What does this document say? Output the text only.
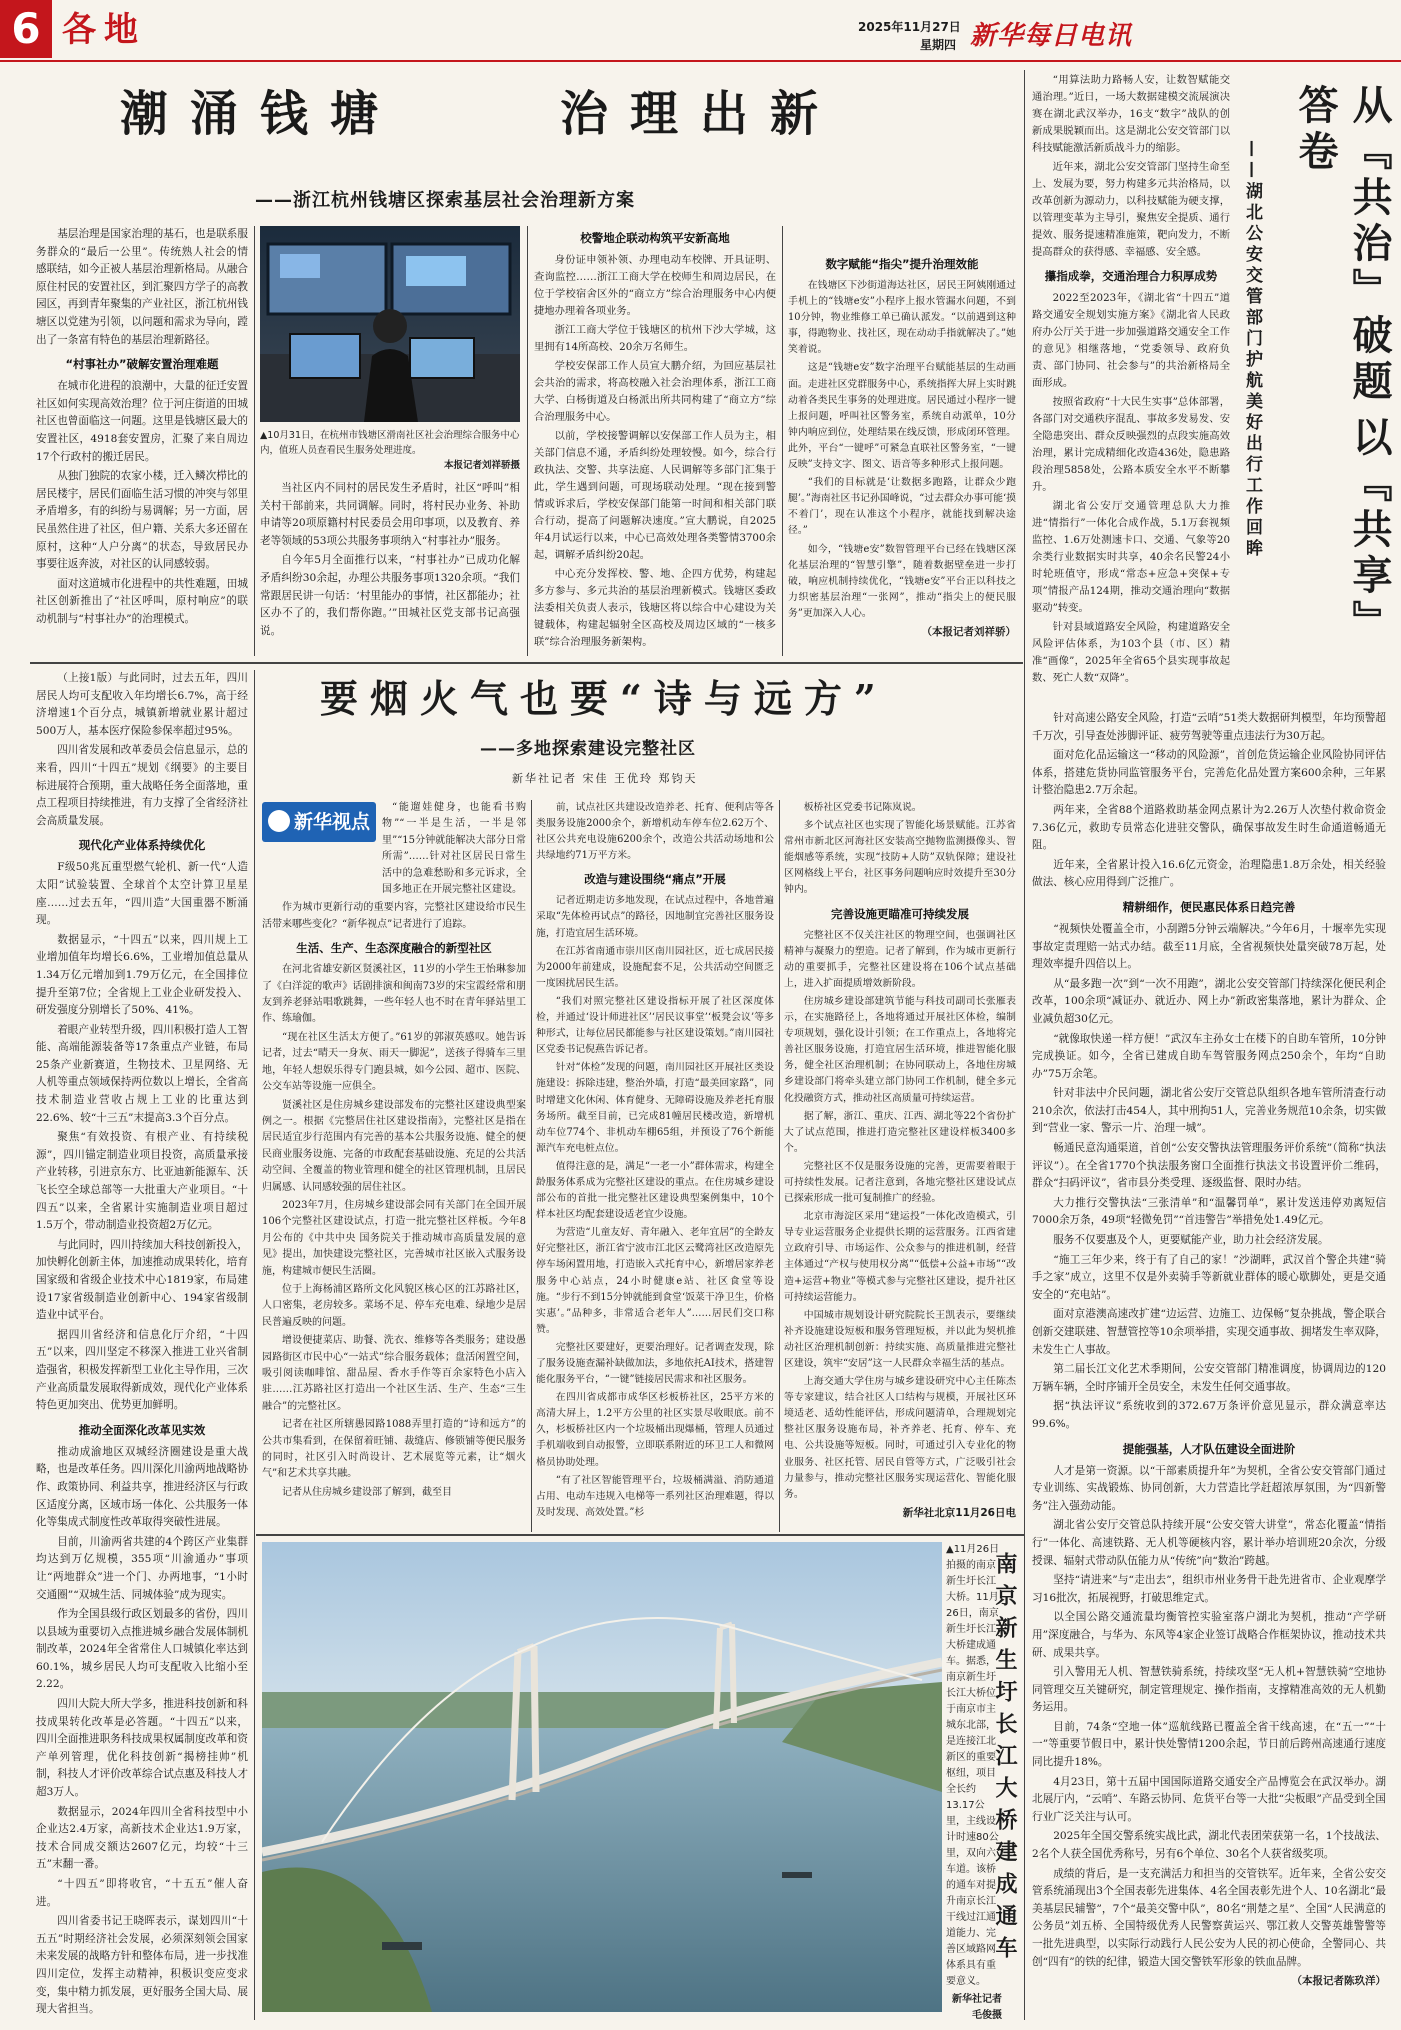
6 各地	2025年11月27日
星期四 新华每日电讯
潮涌钱塘	治理出新
——浙江杭州钱塘区探索基层社会治理新方案

基层治理是国家治理的基石，也是联系服务群众的“最后一公里”。传统熟人社会的情感联结，如今正被人基层治理新格局。从融合原住村民的安置社区，到汇聚四方学子的高教园区，再到青年聚集的产业社区，浙江杭州钱塘区以党建为引领，以问题和需求为导向，蹚出了一条富有特色的基层治理新路径。

“村事社办”破解安置治理难题

在城市化进程的浪潮中，大量的征迁安置社区如何实现高效治理？位于河庄街道的田城社区也曾面临这一问题。这里是钱塘区最大的安置社区，4918套安置房，汇聚了来自周边17个行政村的搬迁居民。

从独门独院的农家小楼，迁入鳞次栉比的居民楼宇，居民们面临生活习惯的冲突与邻里矛盾增多，有的纠纷与易调解；另一方面，居民虽然住进了社区，但户籍、关系大多还留在原村，这种“人户分离”的状态，导致居民办事要往返奔波，对社区的认同感较弱。

面对这道城市化进程中的共性难题，田城社区创新推出了“社区呼叫，原村响应”的联动机制与“村事社办”的治理模式。

▲10月31日，在杭州市钱塘区滑南社区社会治理综合服务中心内，值班人员查看民生服务处理进度。
本报记者刘祥骄摄

当社区内不同村的居民发生矛盾时，社区“呼叫”相关村干部前来，共同调解。同时，将村民办业务、补助申请等20项原籍村村民委员会用印事项，以及教育、养老等领域的53项公共服务事项纳入“村事社办”服务。

自今年5月全面推行以来，“村事社办”已成功化解矛盾纠纷30余起，办理公共服务事项1320余项。“我们常跟居民讲一句话：‘村里能办的事情，社区都能办；社区办不了的，我们帮你跑。’”田城社区党支部书记高强说。

校警地企联动构筑平安新高地

身份证申领补领、办理电动车校牌、开具证明、查询监控……浙江工商大学在校师生和周边居民，在位于学校宿舍区外的“商立方”综合治理服务中心内便捷地办理着各项业务。

浙江工商大学位于钱塘区的杭州下沙大学城，这里拥有14所高校、20余万名师生。

学校安保部工作人员宣大鹏介绍，为回应基层社会共治的需求，将高校融入社会治理体系，浙江工商大学、白杨街道及白杨派出所共同构建了“商立方”综合治理服务中心。

以前，学校接警调解以安保部工作人员为主，相关部门信息不通，矛盾纠纷处理较慢。如今，综合行政执法、交警、共享法庭、人民调解等多部门汇集于此，学生遇到问题，可现场联动处理。“现在接到警情或诉求后，学校安保部门能第一时间和相关部门联合行动，提高了问题解决速度。”宣大鹏说，自2025年4月试运行以来，中心已高效处理各类警情3700余起，调解矛盾纠纷20起。

中心充分发挥校、警、地、企四方优势，构建起多方参与、多元共治的基层治理新模式。钱塘区委政法委相关负责人表示，钱塘区将以综合中心建设为关键载体，构建起辐射全区高校及周边区域的“一核多联”综合治理服务新架构。

数字赋能“指尖”提升治理效能

在钱塘区下沙街道海达社区，居民王阿姨刚通过手机上的“钱塘e安”小程序上报水管漏水问题，不到10分钟，物业维修工单已确认派发。“以前遇到这种事，得跑物业、找社区，现在动动手指就解决了。”她笑着说。

这是“钱塘e安”数字治理平台赋能基层的生动画面。走进社区党群服务中心，系统指挥大屏上实时跳动着各类民生事务的处理进度。居民通过小程序一键上报问题，呼叫社区警务室，系统自动派单，10分钟内响应到位，处理结果在线反馈，形成闭环管理。此外，平台“一键呼”可紧急直联社区警务室，“一键反映”支持文字、图文、语音等多种形式上报问题。

“我们的目标就是‘让数据多跑路，让群众少跑腿’。”海南社区书记孙国峰说，“过去群众办事可能‘摸不着门’，现在认准这个小程序，就能找到解决途径。”

如今，“钱塘e安”数智管理平台已经在钱塘区深化基层治理的“智慧引擎”，随着数据壁垒进一步打破，响应机制持续优化，“钱塘e安”平台正以科技之力织密基层治理“一张网”，推动“指尖上的便民服务”更加深入人心。

（本报记者刘祥骄）

（上接1版）与此同时，过去五年，四川居民人均可支配收入年均增长6.7%，高于经济增速1个百分点，城镇新增就业累计超过500万人，基本医疗保险参保率超过95%。

四川省发展和改革委员会信息显示，总的来看，四川“十四五”规划《纲要》的主要目标进展符合预期，重大战略任务全面落地，重点工程项目持续推进，有力支撑了全省经济社会高质量发展。

现代化产业体系持续优化

F级50兆瓦重型燃气轮机、新一代“人造太阳”试验装置、全球首个太空计算卫星星座……过去五年，“四川造”大国重器不断涌现。

数据显示，“十四五”以来，四川规上工业增加值年均增长6.6%，工业增加值总量从1.34万亿元增加到1.79万亿元，在全国排位提升至第7位；全省规上工业企业研发投入、研发强度分别增长了50%、41%。

着眼产业转型升级，四川积极打造人工智能、高端能源装备等17条重点产业链，布局25条产业新赛道，生物技术、卫星网络、无人机等重点领域保持两位数以上增长，全省高技术制造业营收占规上工业的比重达到22.6%、较“十三五”末提高3.3个百分点。

聚焦“有效投资、有根产业、有持续税源”，四川锚定制造业项目投资，高质量承接产业转移，引进京东方、比亚迪新能源车、沃飞长空全球总部等一大批重大产业项目。“十四五”以来，全省累计实施制造业项目超过1.5万个，带动制造业投资超2万亿元。

与此同时，四川持续加大科技创新投入，加快孵化创新主体，加速推动成果转化，培育国家级和省级企业技术中心1819家，布局建设17家省级制造业创新中心、194家省级制造业中试平台。

据四川省经济和信息化厅介绍，“十四五”以来，四川坚定不移深入推进工业兴省制造强省，积极发挥新型工业化主导作用，三次产业高质量发展取得新成效，现代化产业体系特色更加突出、优势更加鲜明。

推动全面深化改革见实效

推动成渝地区双城经济圈建设是重大战略，也是改革任务。四川深化川渝两地战略协作、政策协同、利益共享，推进经济区与行政区适度分离，区域市场一体化、公共服务一体化等集成式制度性改革取得突破性进展。

目前，川渝两省共建的4个跨区产业集群均达到万亿规模，355项“川渝通办”事项让“两地群众”进一个门、办两地事，“1小时交通圈”“双城生活、同城体验”成为现实。

作为全国县级行政区划最多的省份，四川以县域为重要切入点推进城乡融合发展体制机制改革，2024年全省常住人口城镇化率达到60.1%，城乡居民人均可支配收入比缩小至2.22。

四川大院大所大学多，推进科技创新和科技成果转化改革是必答题。“十四五”以来，四川全面推进职务科技成果权属制度改革和资产单列管理，优化科技创新“揭榜挂帅”机制，科技人才评价改革综合试点惠及科技人才超3万人。

数据显示，2024年四川全省科技型中小企业达2.4万家，高新技术企业达1.9万家，技术合同成交额达2607亿元，均较“十三五”末翻一番。

“十四五”即将收官，“十五五”催人奋进。

四川省委书记王晓晖表示，谋划四川“十五五”时期经济社会发展，必须深刻领会国家未来发展的战略方针和整体布局，进一步找准四川定位，发挥主动精神，积极识变应变求变，集中精力抓发展，更好服务全国大局、展现大省担当。

要烟火气也要“诗与远方”
——多地探索建设完整社区
新华社记者 宋佳 王优玲 郑钧天
新华视点

“能遛娃健身，也能看书购物”“一半是生活，一半是邻里”“15分钟就能解决大部分日常所需”……针对社区居民日常生活中的急难愁盼和多元诉求，全国多地正在开展完整社区建设。

作为城市更新行动的重要内容，完整社区建设给市民生活带来哪些变化？“新华视点”记者进行了追踪。

生活、生产、生态深度融合的新型社区

在河北省雄安新区贤溪社区，11岁的小学生王怡琳参加了《白洋淀的歌声》话剧排演和闽南73岁的宋宝霞经常和朋友到养老驿站唱歌跳舞，一些年轻人也不时在青年驿站里工作、练瑜伽。

“现在社区生活太方便了。”61岁的郭淑英感叹。她告诉记者，过去“晴天一身灰、雨天一脚泥”，送孩子得骑车三里地，年轻人想娱乐得专门跑县城，如今公园、超市、医院、公交车站等设施一应俱全。

贤溪社区是住房城乡建设部发布的完整社区建设典型案例之一。根据《完整居住社区建设指南》，完整社区是指在居民适宜步行范围内有完善的基本公共服务设施、健全的便民商业服务设施、完备的市政配套基础设施、充足的公共活动空间、全覆盖的物业管理和健全的社区管理机制，且居民归属感、认同感较强的居住社区。

2023年7月，住房城乡建设部会同有关部门在全国开展106个完整社区建设试点，打造一批完整社区样板。今年8月公布的《中共中央 国务院关于推动城市高质量发展的意见》提出，加快建设完整社区，完善城市社区嵌入式服务设施，构建城市便民生活圈。

位于上海杨浦区路所文化风貌区核心区的江苏路社区，人口密集，老房较多。菜场不足、停车充电难、绿地少是居民普遍反映的问题。

增设便捷菜店、助餐、洗衣、维修等各类服务；建设愚园路街区市民中心“一站式”综合服务载体；盘活闲置空间，吸引阅读咖啡馆、甜品屋、香水手作等百余家特色小店入驻……江苏路社区打造出一个社区生活、生产、生态“三生融合”的完整社区。

记者在社区所辖愚园路1088弄里打造的“诗和远方”的公共市集看到，在保留着旺铺、裁缝店、修锁铺等便民服务的同时，社区引入时尚设计、艺术展览等元素，让“烟火气”和艺术共享共融。

记者从住房城乡建设部了解到，截至目

前，试点社区共建设改造养老、托育、便利店等各类服务设施2000余个，新增机动车停车位2.62万个、社区公共充电设施6200余个，改造公共活动场地和公共绿地约71万平方米。

改造与建设围绕“痛点”开展

记者近期走访多地发现，在试点过程中，各地普遍采取“先体检再试点”的路径，因地制宜完善社区服务设施，打造宜居生活环境。

在江苏省南通市崇川区南川园社区，近七成居民接为2000年前建成，设施配套不足，公共活动空间匮乏一度困扰居民生活。

“我们对照完整社区建设指标开展了社区深度体检，并通过‘设计师进社区’‘居民议事堂’‘板凳会议’等多种形式，让每位居民都能参与社区建设策划。”南川园社区党委书记倪燕告诉记者。

针对“体检”发现的问题，南川园社区开展社区类设施建设：拆除违建，整治外墙，打造“最美回家路”，同时增建文化休闲、体育健身、无障碍设施及养老托育服务场所。截至目前，已完成81幢居民楼改造，新增机动车位774个、非机动车棚65组，并预设了76个新能源汽车充电桩点位。

值得注意的是，满足“一老一小”群体需求，构建全龄服务体系成为完整社区建设的重点。在住房城乡建设部公布的首批一批完整社区建设典型案例集中，10个样本社区均配套建设适老宜少设施。

为营造“儿童友好、青年融入、老年宜居”的全龄友好完整社区，浙江省宁波市江北区云鹭湾社区改造原先停车场闲置用地，打造嵌入式托育中心，新增居家养老服务中心站点，24小时健康e站、社区食堂等设施。“步行不到15分钟就能到食堂‘饭菜干净卫生，价格实惠’。”品种多，非常适合老年人”……居民们交口称赞。

完整社区要建好，更要治理好。记者调查发现，除了服务设施查漏补缺做加法，多地依托AI技术，搭建智能化服务平台，“一键”链接居民需求和社区服务。

在四川省成都市成华区杉板桥社区，25平方米的高清大屏上，1.2平方公里的社区实景尽收眼底。前不久，杉板桥社区内一个垃圾桶出现爆桶，管理人员通过手机端收到自动报警，立即联系附近的环卫工人和微网格员协助处理。

“有了社区智能管理平台，垃圾桶满溢、消防通道占用、电动车违规入电梯等一系列社区治理难题，得以及时发现、高效处置。”杉

板桥社区党委书记陈岚说。

多个试点社区也实现了智能化场景赋能。江苏省常州市新北区河海社区安装高空抛物监测摄像头、智能烟感等系统，实现“技防+人防”双轨保障；建设社区网格线上平台，社区事务问题响应时效提升至30分钟内。

完善设施更瞄准可持续发展

完整社区不仅关注社区的物理空间，也强调社区精神与凝聚力的塑造。记者了解到，作为城市更新行动的重要抓手，完整社区建设将在106个试点基础上，进入扩面提质增效新阶段。

住房城乡建设部建筑节能与科技司副司长张雁表示，在实施路径上，各地将通过开展社区体检，编制专项规划，强化设计引领；在工作重点上，各地将完善社区服务设施，打造宜居生活环境，推进智能化服务，健全社区治理机制；在协同联动上，各地住房城乡建设部门将牵头建立部门协同工作机制，健全多元化投融资方式，推动社区高质量可持续运营。

据了解，浙江、重庆、江西、湖北等22个省份扩大了试点范围，推进打造完整社区建设样板3400多个。

完整社区不仅是服务设施的完善，更需要着眼于可持续性发展。记者注意到，各地完整社区建设试点已探索形成一批可复制推广的经验。

北京市海淀区采用“建运投”一体化改造模式，引导专业运营服务企业提供长期的运营服务。江西省建立政府引导、市场运作、公众参与的推进机制，经营主体通过“产权与使用权分离”“低偿+公益+市场”“改造+运营+物业”等模式参与完整社区建设，提升社区可持续运营能力。

中国城市规划设计研究院院长王凯表示，要继续补齐设施建设短板和服务管理短板，并以此为契机推动社区治理机制创新：持续实施、高质量推进完整社区建设，筑牢“安居”这一人民群众幸福生活的基点。

上海交通大学住房与城乡建设研究中心主任陈杰等专家建议，结合社区人口结构与规模，开展社区环境适老、适幼性能评估，形成问题清单，合理规划完整社区服务设施布局，补齐养老、托育、停车、充电、公共设施等短板。同时，可通过引入专业化的物业服务、社区托管、居民自管等方式，广泛吸引社会力量参与，推动完整社区服务实现运营化、智能化服务。

新华社北京11月26日电
▲11月26日拍摄的南京新生圩长江大桥。11月26日，南京新生圩长江大桥建成通车。据悉，南京新生圩长江大桥位于南京市主城东北部，是连接江北新区的重要枢纽，项目全长约13.17公里，主线设计时速80公里，双向六车道。该桥的通车对提升南京长江干线过江通道能力、完善区域路网体系具有重要意义。
新华社记者毛俊摄
南京新生圩长江大桥建成通车

“用算法助力路畅人安，让数智赋能交通治理。”近日，一场大数据建模交流展演决赛在湖北武汉举办，16支“数字”战队的创新成果脱颖而出。这是湖北公安交管部门以科技赋能激活新质战斗力的缩影。

近年来，湖北公安交管部门坚持生命至上、发展为要，努力构建多元共治格局，以改革创新为源动力，以科技赋能为硬支撑，以管理变革为主导引，聚焦安全提质、通行提效、服务提速精准施策，靶向发力，不断提高群众的获得感、幸福感、安全感。

攥指成拳，交通治理合力积厚成势

2022至2023年，《湖北省“十四五”道路交通安全规划实施方案》《湖北省人民政府办公厅关于进一步加强道路交通安全工作的意见》相继落地，“党委领导、政府负责、部门协同、社会参与”的共治新格局全面形成。

按照省政府“十大民生实事”总体部署，各部门对交通秩序混乱、事故多发易发、安全隐患突出、群众反映强烈的点段实施高效治理，累计完成精细化改造436处，隐患路段治理5858处，公路本质安全水平不断攀升。

湖北省公安厅交通管理总队大力推进“情指行”一体化合成作战，5.1万套视频监控、1.6万处测速卡口、交通、气象等20余类行业数据实时共享，40余名民警24小时轮班值守，形成“常态+应急+突保+专项”情报产品124期，推动交通治理向“数据驱动”转变。

针对县域道路安全风险，构建道路安全风险评估体系，为103个县（市、区）精准“画像”，2025年全省65个县实现事故起数、死亡人数“双降”。

从『共治』破题以『共享』答卷
——湖北公安交管部门护航美好出行工作回眸

针对高速公路安全风险，打造“云哨”51类大数据研判模型，年均预警超千万次，引导查处涉脚评证、疲劳驾驶等重点违法行为30万起。

面对危化品运输这一“移动的风险源”，首创危货运输企业风险协同评估体系，搭建危货协同监管服务平台，完善危化品处置方案600余种，三年累计整治隐患2.7万余起。

两年来，全省88个道路救助基金网点累计为2.26万人次垫付救命资金7.36亿元，救助专员常态化进驻交警队，确保事故发生时生命通道畅通无阻。

近年来，全省累计投入16.6亿元资金，治理隐患1.8万余处，相关经验做法、核心应用得到广泛推广。

精耕细作，便民惠民体系日趋完善

“视频快处覆盖全市，小刮蹭5分钟云端解决。”今年6月，十堰率先实现事故定责理赔一站式办结。截至11月底，全省视频快处量突破78万起，处理效率提升四倍以上。

从“最多跑一次”到“一次不用跑”，湖北公安交管部门持续深化便民利企改革，100余项“减证办、就近办、网上办”新政密集落地，累计为群众、企业减负超30亿元。

“就像取快递一样方便！”武汉车主孙女士在楼下的自助车管所，10分钟完成换证。如今，全省已建成自助车驾管服务网点250余个，年均“自助办”75万余笔。

针对非法中介民问题，湖北省公安厅交管总队组织各地车管所清查行动210余次，依法打击454人，其中刑拘51人，完善业务规范10余条，切实做到“营业一家、警示一片、治理一城”。

畅通民意沟通渠道，首创“公安交警执法管理服务评价系统”（简称“执法评议”）。在全省1770个执法服务窗口全面推行执法文书设置评价二维码，群众“扫码评议”，省市县分类受理、逐级监督、限时办结。

大力推行交警执法“三张清单”和“温馨罚单”，累计发送违停劝离短信7000余万条，49项“轻微免罚”“首违警告”举措免处1.49亿元。

服务不仅要惠及个人，更要赋能产业，助力社会经济发展。

“施工三年少来，终于有了自己的家！”沙湖畔，武汉首个警企共建“骑手之家”成立，这里不仅是外卖骑手等新就业群体的暖心歇脚处，更是交通安全的“充电站”。

面对京港澳高速改扩建“边运营、边施工、边保畅”复杂挑战，警企联合创新交建联建、智慧管控等10余项举措，实现交通事故、拥堵发生率双降，未发生亡人事故。

第二届长江文化艺术季期间，公安交管部门精准调度，协调周边的120万辆车辆，全时序铺开全员安全，未发生任何交通事故。

据“执法评议”系统收到的372.67万条评价意见显示，群众满意率达99.6%。

提能强基，人才队伍建设全面进阶

人才是第一资源。以“干部素质提升年”为契机，全省公安交管部门通过专业训练、实战锻炼、协同创新，大力营造比学赶超浓厚氛围，为“四新警务”注入强劲动能。

湖北省公安厅交管总队持续开展“公安交管大讲堂”，常态化覆盖“情指行”一体化、高速铁路、无人机等硬核内容，累计举办培训班20余次，分级授课、辐射式带动队伍能力从“传统”向“数治”跨越。

坚持“请进来”与“走出去”，组织市州业务骨干赴先进省市、企业观摩学习16批次，拓展视野，打破思维定式。

以全国公路交通流量均衡管控实验室落户湖北为契机，推动“产学研用”深度融合，与华为、东风等4家企业签订战略合作框架协议，推动技术共研、成果共享。

引入警用无人机、智慧铁骑系统，持续攻坚“无人机+智慧铁骑”空地协同管理交互关键研究，制定管理规定、操作指南，支撑精准高效的无人机勤务运用。

目前，74条“空地一体”巡航线路已覆盖全省干线高速，在“五一”“十一”等重要节假日中，累计快处警情1200余起，节日前后跨州高速通行速度同比提升18%。

4月23日，第十五届中国国际道路交通安全产品博览会在武汉举办。湖北展厅内，“云哨”、车路云协同、危货平台等一大批“尖板眼”产品受到全国行业广泛关注与认可。

2025年全国交警系统实战比武，湖北代表团荣获第一名，1个技战法、2名个人获全国优秀称号，另有6个单位、30名个人获省级奖项。

成绩的背后，是一支充满活力和担当的交管铁军。近年来，全省公安交管系统涌现出3个全国表彰先进集体、4名全国表彰先进个人、10名湖北“最美基层民辅警”，7个“最美交警中队”，80名“荆楚之星”、全国“人民满意的公务员”刘五桥、全国特级优秀人民警察黄运兴、鄂江救人交警英雄警警等一批先进典型，以实际行动践行人民公安为人民的初心使命，全警同心、共创“四有”的铁的纪律，锻造大国交警铁军形象的铁血品牌。

（本报记者陈玖洋）
